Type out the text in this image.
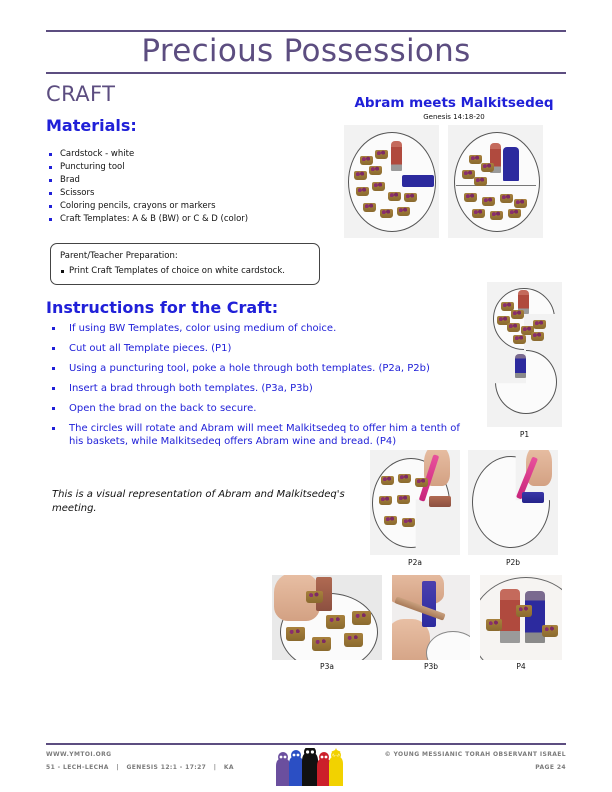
Precious Possessions
CRAFT
Materials:
Cardstock - white
Puncturing tool
Brad
Scissors
Coloring pencils, crayons or markers
Craft Templates: A & B (BW) or C & D (color)
Parent/Teacher Preparation:
Print Craft Templates of choice on white cardstock.
Instructions for the Craft:
If using BW Templates, color using medium of choice.
Cut out all Template pieces. (P1)
Using a puncturing tool, poke a hole through both templates. (P2a, P2b)
Insert a brad through both templates. (P3a, P3b)
Open the brad on the back to secure.
The circles will rotate and Abram will meet Malkitsedeq to offer him a tenth of his baskets, while Malkitsedeq offers Abram wine and bread. (P4)
This is a visual representation of Abram and Malkitsedeq's meeting.
Abram meets Malkitsedeq
Genesis 14:18-20
P1
P2a	P2b
P3a	P3b	P4
WWW.YMTOI.ORG
51 - LECH-LECHA | GENESIS 12:1 - 17:27 | KA
© YOUNG MESSIANIC TORAH OBSERVANT ISRAEL
PAGE 24
